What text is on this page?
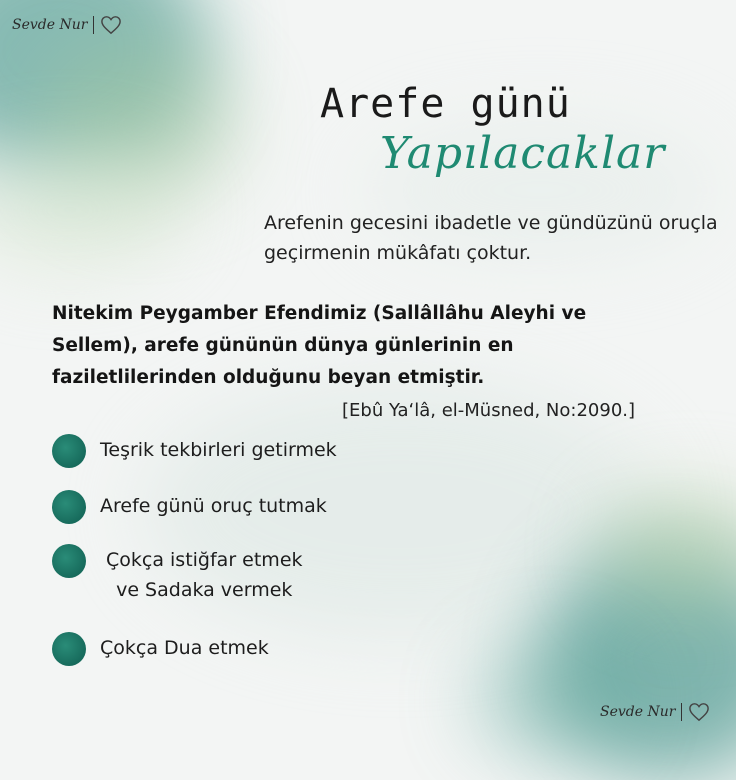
Sevde Nur
Arefe günü
Yapılacaklar
Arefenin gecesini ibadetle ve gündüzünü oruçla geçirmenin mükâfatı çoktur.
Nitekim Peygamber Efendimiz (Sallâllâhu Aleyhi ve Sellem), arefe gününün dünya günlerinin en faziletlilerinden olduğunu beyan etmiştir.
[Ebû Ya‘lâ, el-Müsned, No:2090.]
Teşrik tekbirleri getirmek
Arefe günü oruç tutmak
Çokça istiğfar etmek
ve Sadaka vermek
Çokça Dua etmek
Sevde Nur
